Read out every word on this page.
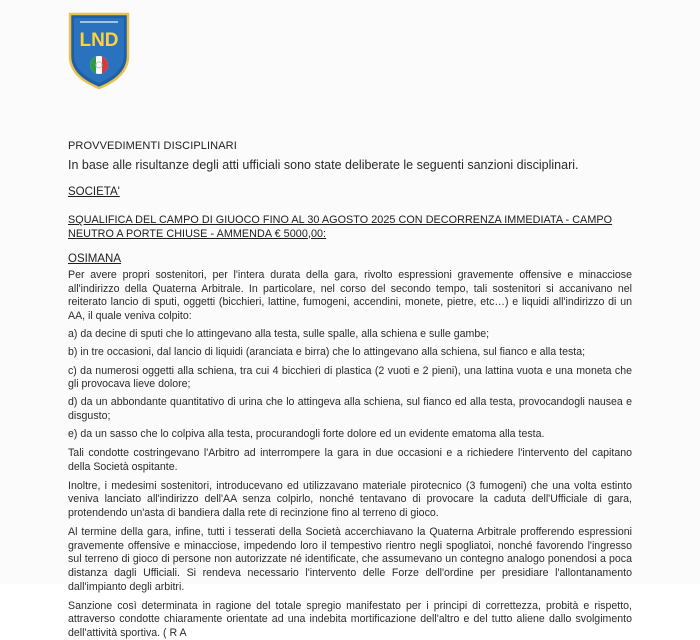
LND

PROVVEDIMENTI DISCIPLINARI

In base alle risultanze degli atti ufficiali sono state deliberate le seguenti sanzioni disciplinari.

SOCIETA'

SQUALIFICA DEL CAMPO DI GIUOCO FINO AL 30 AGOSTO 2025 CON DECORRENZA IMMEDIATA - CAMPO NEUTRO A PORTE CHIUSE - AMMENDA € 5000,00:

OSIMANA

Per avere propri sostenitori, per l'intera durata della gara, rivolto espressioni gravemente offensive e minacciose all'indirizzo della Quaterna Arbitrale. In particolare, nel corso del secondo tempo, tali sostenitori si accanivano nel reiterato lancio di sputi, oggetti (bicchieri, lattine, fumogeni, accendini, monete, pietre, etc…) e liquidi all'indirizzo di un AA, il quale veniva colpito:

a) da decine di sputi che lo attingevano alla testa, sulle spalle, alla schiena e sulle gambe;

b) in tre occasioni, dal lancio di liquidi (aranciata e birra) che lo attingevano alla schiena, sul fianco e alla testa;

c) da numerosi oggetti alla schiena, tra cui 4 bicchieri di plastica (2 vuoti e 2 pieni), una lattina vuota e una moneta che gli provocava lieve dolore;

d) da un abbondante quantitativo di urina che lo attingeva alla schiena, sul fianco ed alla testa, provocandogli nausea e disgusto;

e) da un sasso che lo colpiva alla testa, procurandogli forte dolore ed un evidente ematoma alla testa.

Tali condotte costringevano l'Arbitro ad interrompere la gara in due occasioni e a richiedere l'intervento del capitano della Società ospitante.

Inoltre, i medesimi sostenitori, introducevano ed utilizzavano materiale pirotecnico (3 fumogeni) che una volta estinto veniva lanciato all'indirizzo dell'AA senza colpirlo, nonché tentavano di provocare la caduta dell'Ufficiale di gara, protendendo un'asta di bandiera dalla rete di recinzione fino al terreno di gioco.

Al termine della gara, infine, tutti i tesserati della Società accerchiavano la Quaterna Arbitrale profferendo espressioni gravemente offensive e minacciose, impedendo loro il tempestivo rientro negli spogliatoi, nonché favorendo l'ingresso sul terreno di gioco di persone non autorizzate né identificate, che assumevano un contegno analogo ponendosi a poca distanza dagli Ufficiali. Si rendeva necessario l'intervento delle Forze dell'ordine per presidiare l'allontanamento dall'impianto degli arbitri.

Sanzione così determinata in ragione del totale spregio manifestato per i principi di correttezza, probità e rispetto, attraverso condotte chiaramente orientate ad una indebita mortificazione dell'altro e del tutto aliene dallo svolgimento dell'attività sportiva. ( R A
